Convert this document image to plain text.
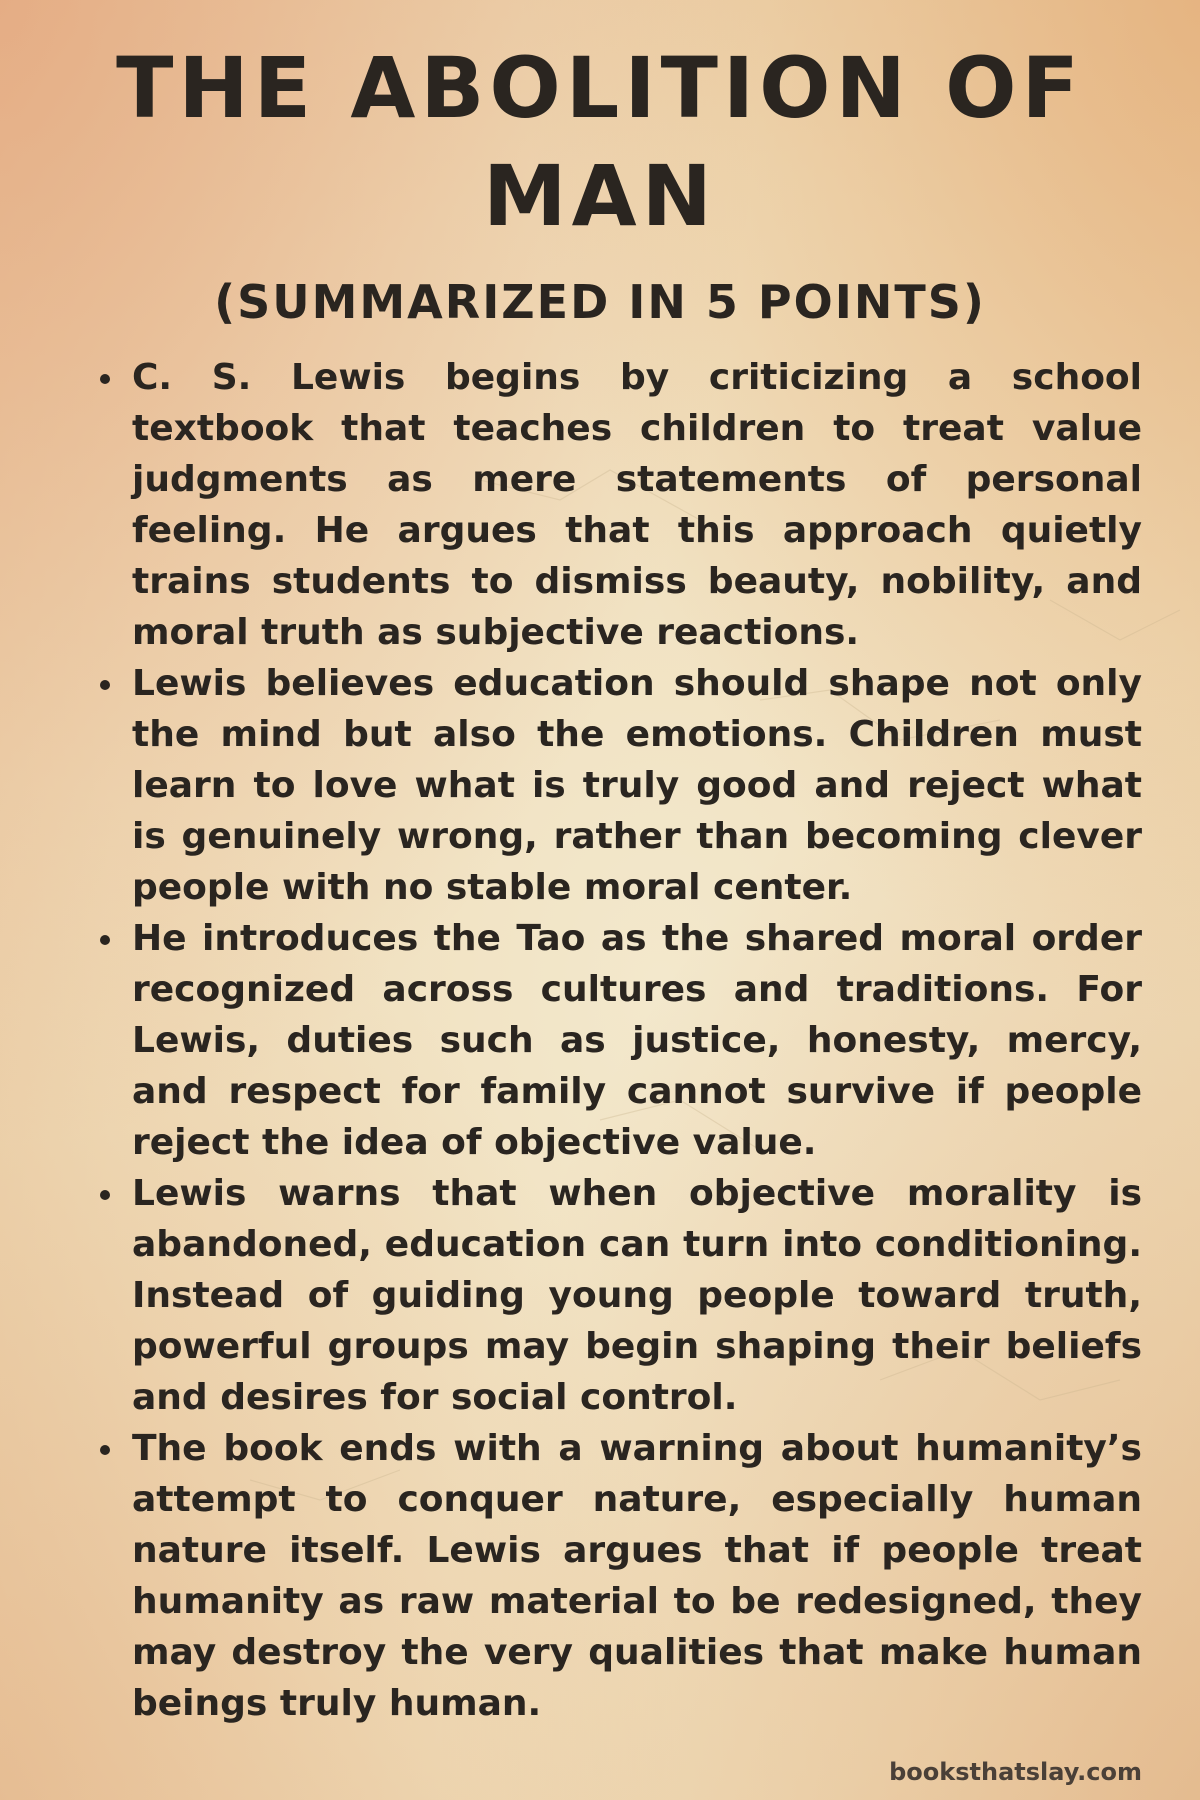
THE ABOLITION OF MAN
(SUMMARIZED IN 5 POINTS)
C. S. Lewis begins by criticizing a school textbook that teaches children to treat value judgments as mere statements of personal feeling. He argues that this approach quietly trains students to dismiss beauty, nobility, and moral truth as subjective reactions.
Lewis believes education should shape not only the mind but also the emotions. Children must learn to love what is truly good and reject what is genuinely wrong, rather than becoming clever people with no stable moral center.
He introduces the Tao as the shared moral order recognized across cultures and traditions. For Lewis, duties such as justice, honesty, mercy, and respect for family cannot survive if people reject the idea of objective value.
Lewis warns that when objective morality is abandoned, education can turn into conditioning. Instead of guiding young people toward truth, powerful groups may begin shaping their beliefs and desires for social control.
The book ends with a warning about humanity’s attempt to conquer nature, especially human nature itself. Lewis argues that if people treat humanity as raw material to be redesigned, they may destroy the very qualities that make human beings truly human.
booksthatslay.com
